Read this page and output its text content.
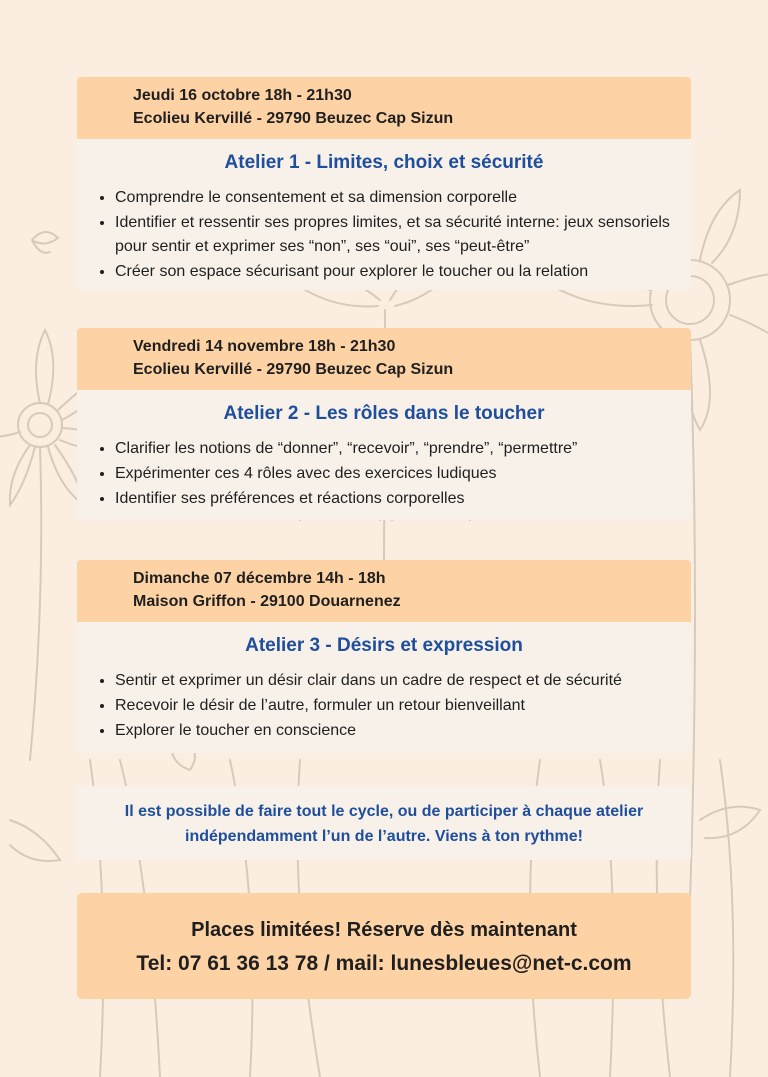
Jeudi 16 octobre 18h - 21h30
Ecolieu Kervillé - 29790 Beuzec Cap Sizun
Atelier 1 - Limites, choix et sécurité
• Comprendre le consentement et sa dimension corporelle
• Identifier et ressentir ses propres limites, et sa sécurité interne: jeux sensoriels pour sentir et exprimer ses “non”, ses “oui”, ses “peut-être”
• Créer son espace sécurisant pour explorer le toucher ou la relation
Vendredi 14 novembre 18h - 21h30
Ecolieu Kervillé - 29790 Beuzec Cap Sizun
Atelier 2 - Les rôles dans le toucher
• Clarifier les notions de “donner”, “recevoir”, “prendre”, “permettre”
• Expérimenter ces 4 rôles avec des exercices ludiques
• Identifier ses préférences et réactions corporelles
Dimanche 07 décembre 14h - 18h
Maison Griffon - 29100 Douarnenez
Atelier 3 - Désirs et expression
• Sentir et exprimer un désir clair dans un cadre de respect et de sécurité
• Recevoir le désir de l’autre, formuler un retour bienveillant
• Explorer le toucher en conscience
Il est possible de faire tout le cycle, ou de participer à chaque atelier
indépendamment l’un de l’autre. Viens à ton rythme!
Places limitées! Réserve dès maintenant
Tel: 07 61 36 13 78 / mail: lunesbleues@net-c.com
